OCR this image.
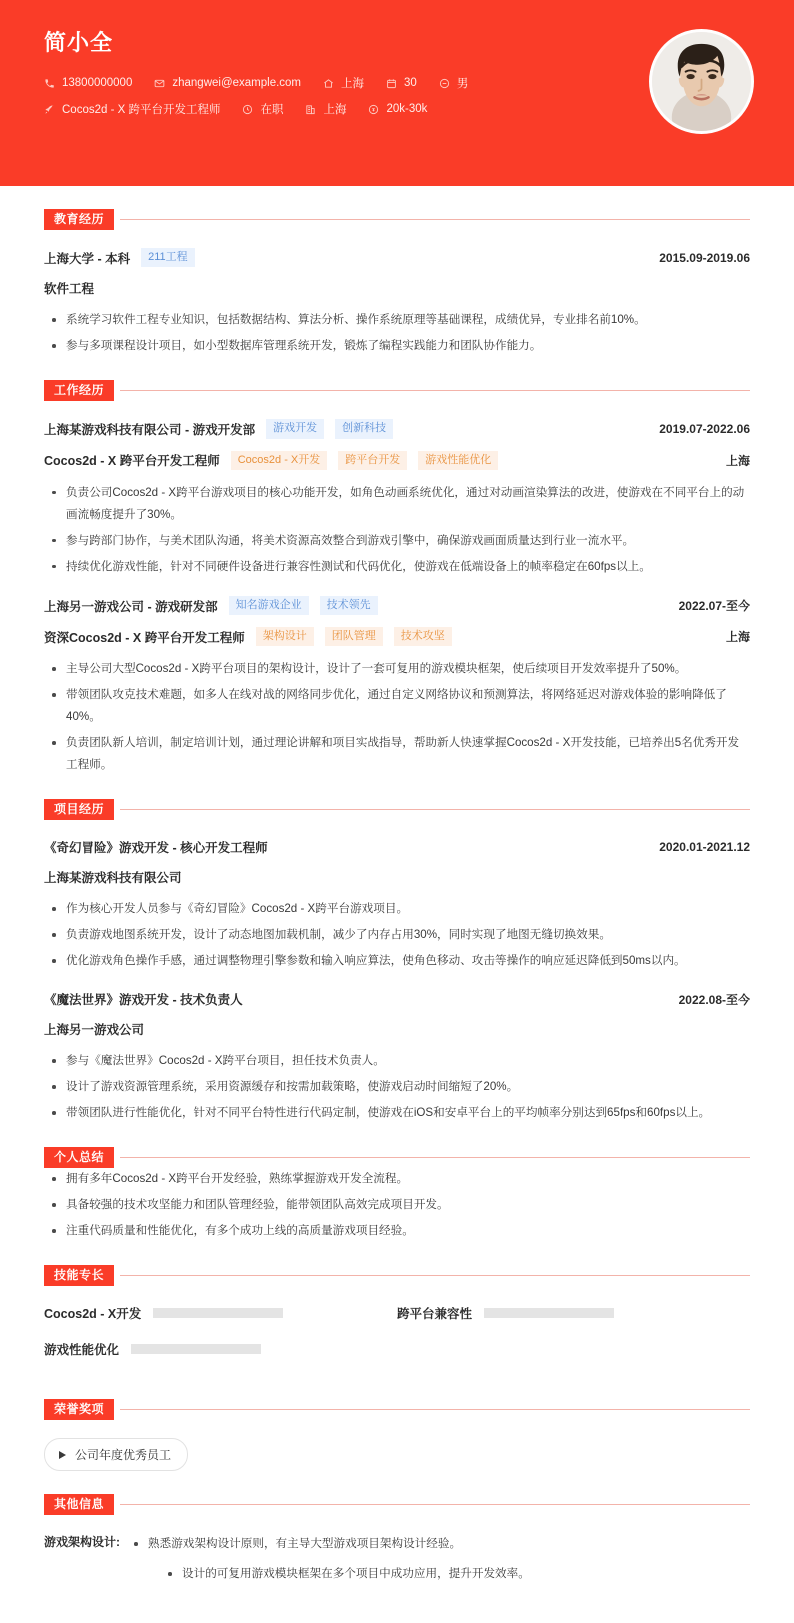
简小全
13800000000	zhangwei@example.com	上海	30	男
Cocos2d - X 跨平台开发工程师	在职	上海	20k-30k
教育经历
上海大学 - 本科	211工程	2015.09-2019.06
软件工程
系统学习软件工程专业知识，包括数据结构、算法分析、操作系统原理等基础课程，成绩优异，专业排名前10%。
参与多项课程设计项目，如小型数据库管理系统开发，锻炼了编程实践能力和团队协作能力。
工作经历
上海某游戏科技有限公司 - 游戏开发部	游戏开发	创新科技	2019.07-2022.06
Cocos2d - X 跨平台开发工程师	Cocos2d - X开发	跨平台开发	游戏性能优化	上海
负责公司Cocos2d - X跨平台游戏项目的核心功能开发，如角色动画系统优化，通过对动画渲染算法的改进，使游戏在不同平台上的动画流畅度提升了30%。
参与跨部门协作，与美术团队沟通，将美术资源高效整合到游戏引擎中，确保游戏画面质量达到行业一流水平。
持续优化游戏性能，针对不同硬件设备进行兼容性测试和代码优化，使游戏在低端设备上的帧率稳定在60fps以上。
上海另一游戏公司 - 游戏研发部	知名游戏企业	技术领先	2022.07-至今
资深Cocos2d - X 跨平台开发工程师	架构设计	团队管理	技术攻坚	上海
主导公司大型Cocos2d - X跨平台项目的架构设计，设计了一套可复用的游戏模块框架，使后续项目开发效率提升了50%。
带领团队攻克技术难题，如多人在线对战的网络同步优化，通过自定义网络协议和预测算法，将网络延迟对游戏体验的影响降低了40%。
负责团队新人培训，制定培训计划，通过理论讲解和项目实战指导，帮助新人快速掌握Cocos2d - X开发技能，已培养出5名优秀开发工程师。
项目经历
《奇幻冒险》游戏开发 - 核心开发工程师	2020.01-2021.12
上海某游戏科技有限公司
作为核心开发人员参与《奇幻冒险》Cocos2d - X跨平台游戏项目。
负责游戏地图系统开发，设计了动态地图加载机制，减少了内存占用30%，同时实现了地图无缝切换效果。
优化游戏角色操作手感，通过调整物理引擎参数和输入响应算法，使角色移动、攻击等操作的响应延迟降低到50ms以内。
《魔法世界》游戏开发 - 技术负责人	2022.08-至今
上海另一游戏公司
参与《魔法世界》Cocos2d - X跨平台项目，担任技术负责人。
设计了游戏资源管理系统，采用资源缓存和按需加载策略，使游戏启动时间缩短了20%。
带领团队进行性能优化，针对不同平台特性进行代码定制，使游戏在iOS和安卓平台上的平均帧率分别达到65fps和60fps以上。
个人总结
拥有多年Cocos2d - X跨平台开发经验，熟练掌握游戏开发全流程。
具备较强的技术攻坚能力和团队管理经验，能带领团队高效完成项目开发。
注重代码质量和性能优化，有多个成功上线的高质量游戏项目经验。
技能专长
Cocos2d - X开发	跨平台兼容性
游戏性能优化
荣誉奖项
公司年度优秀员工
其他信息
游戏架构设计:	熟悉游戏架构设计原则，有主导大型游戏项目架构设计经验。
设计的可复用游戏模块框架在多个项目中成功应用，提升开发效率。
